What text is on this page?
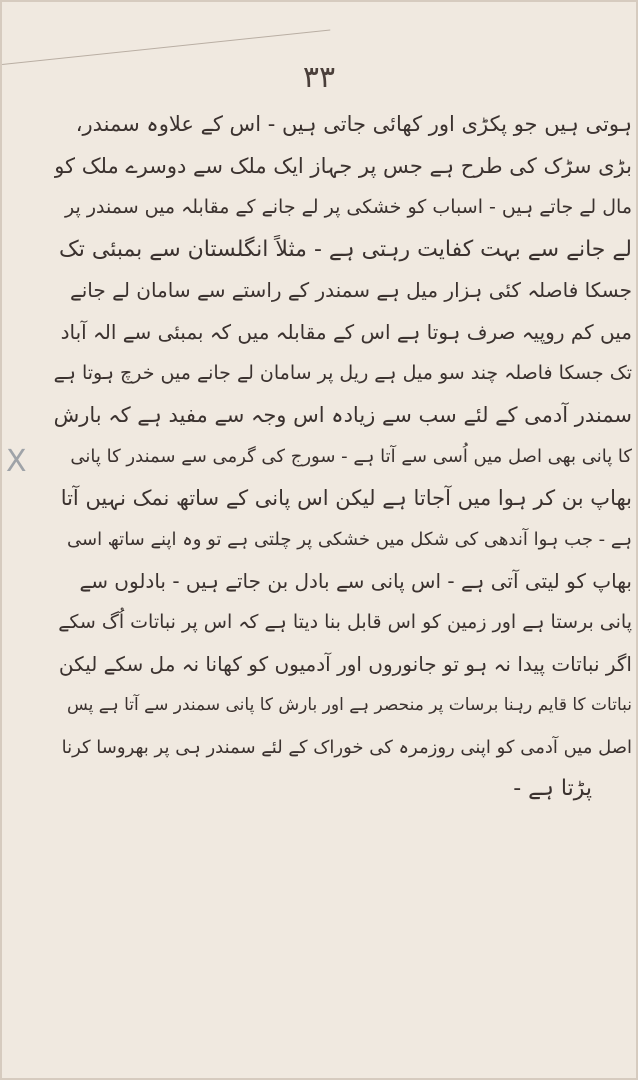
۳۳
X
ہوتی ہیں جو پکڑی اور کھائی جاتی ہیں - اس کے علاوہ سمندر،
بڑی سڑک کی طرح ہے جس پر جہاز ایک ملک سے دوسرے ملک کو
مال لے جاتے ہیں - اسباب کو خشکی پر لے جانے کے مقابلہ میں سمندر پر
لے جانے سے بہت کفایت رہتی ہے - مثلاً انگلستان سے بمبئی تک
جسکا فاصلہ کئی ہزار میل ہے سمندر کے راستے سے سامان لے جانے
میں کم روپیہ صرف ہوتا ہے اس کے مقابلہ میں کہ بمبئی سے الہ آباد
تک جسکا فاصلہ چند سو میل ہے ریل پر سامان لے جانے میں خرچ ہوتا ہے
سمندر آدمی کے لئے سب سے زیادہ اس وجہ سے مفید ہے کہ بارش
کا پانی بھی اصل میں اُسی سے آتا ہے - سورج کی گرمی سے سمندر کا پانی
بھاپ بن کر ہوا میں آجاتا ہے لیکن اس پانی کے ساتھ نمک نہیں آتا
ہے - جب ہوا آندھی کی شکل میں خشکی پر چلتی ہے تو وہ اپنے ساتھ اسی
بھاپ کو لیتی آتی ہے - اس پانی سے بادل بن جاتے ہیں - بادلوں سے
پانی برستا ہے اور زمین کو اس قابل بنا دیتا ہے کہ اس پر نباتات اُگ سکے
اگر نباتات پیدا نہ ہو تو جانوروں اور آدمیوں کو کھانا نہ مل سکے لیکن
نباتات کا قایم رہنا برسات پر منحصر ہے اور بارش کا پانی سمندر سے آتا ہے پس
اصل میں آدمی کو اپنی روزمرہ کی خوراک کے لئے سمندر ہی پر بھروسا کرنا
پڑتا ہے -
